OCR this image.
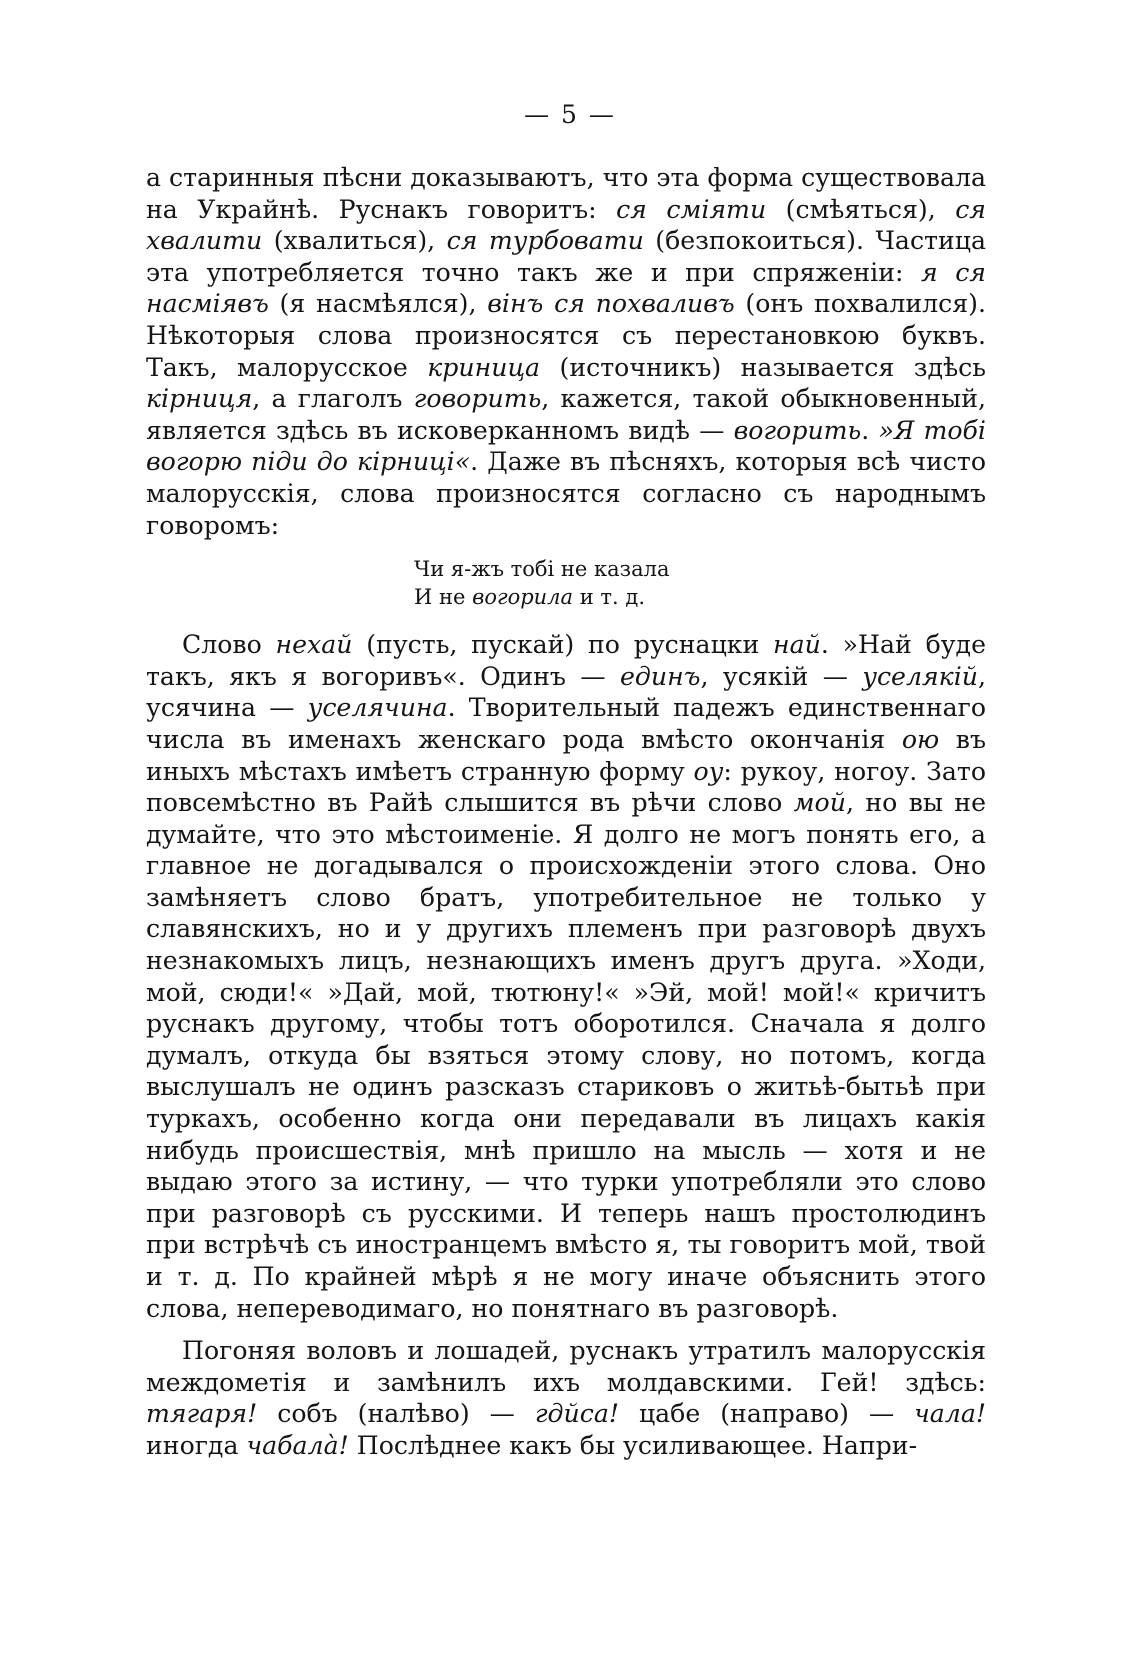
— 5 —

а старинныя пѣсни доказываютъ, что эта форма существовала на Украйнѣ. Руснакъ говоритъ: ся сміяти (смѣяться), ся хвалити (хвалиться), ся турбовати (безпокоиться). Частица эта употребляется точно такъ же и при спряженіи: я ся насміявъ (я насмѣялся), вінъ ся похваливъ (онъ похвалился). Нѣкоторыя слова произносятся съ перестановкою буквъ. Такъ, малорусское криница (источникъ) называется здѣсь кірниця, а глаголъ говорить, кажется, такой обыкновенный, является здѣсь въ исковерканномъ видѣ — вогорить. »Я тобі вогорю піди до кірниці«. Даже въ пѣсняхъ, которыя всѣ чисто малорусскія, слова произносятся согласно съ народнымъ говоромъ:

Чи я-жъ тобі не казала
И не вогорила и т. д.

Слово нехай (пусть, пускай) по руснацки най. »Най буде такъ, якъ я вогоривъ«. Одинъ — единъ, усякій — уселякій, усячина — уселячина. Творительный падежъ единственнаго числа въ именахъ женскаго рода вмѣсто окончанія ою въ иныхъ мѣстахъ имѣетъ странную форму оу: рукоу, ногоу. Зато повсемѣстно въ Райѣ слышится въ рѣчи слово мой, но вы не думайте, что это мѣстоименіе. Я долго не могъ понять его, а главное не догадывался о происхожденіи этого слова. Оно замѣняетъ слово братъ, употребительное не только у славянскихъ, но и у другихъ племенъ при разговорѣ двухъ незнакомыхъ лицъ, незнающихъ именъ другъ друга. »Ходи, мой, сюди!« »Дай, мой, тютюну!« »Эй, мой! мой!« кричитъ руснакъ другому, чтобы тотъ оборотился. Сначала я долго думалъ, откуда бы взяться этому слову, но потомъ, когда выслушалъ не одинъ разсказъ стариковъ о житьѣ-бытьѣ при туркахъ, особенно когда они передавали въ лицахъ какія нибудь происшествія, мнѣ пришло на мысль — хотя и не выдаю этого за истину, — что турки употребляли это слово при разговорѣ съ русскими. И теперь нашъ простолюдинъ при встрѣчѣ съ иностранцемъ вмѣсто я, ты говоритъ мой, твой и т. д. По крайней мѣрѣ я не могу иначе объяснить этого слова, непереводимаго, но понятнаго въ разговорѣ.

Погоняя воловъ и лошадей, руснакъ утратилъ малорусскія междометія и замѣнилъ ихъ молдавскими. Гей! здѣсь: тягаря! собъ (налѣво) — гдйса! цабе (направо) — чала! иногда чабалà! Послѣднее какъ бы усиливающее. Напри-
